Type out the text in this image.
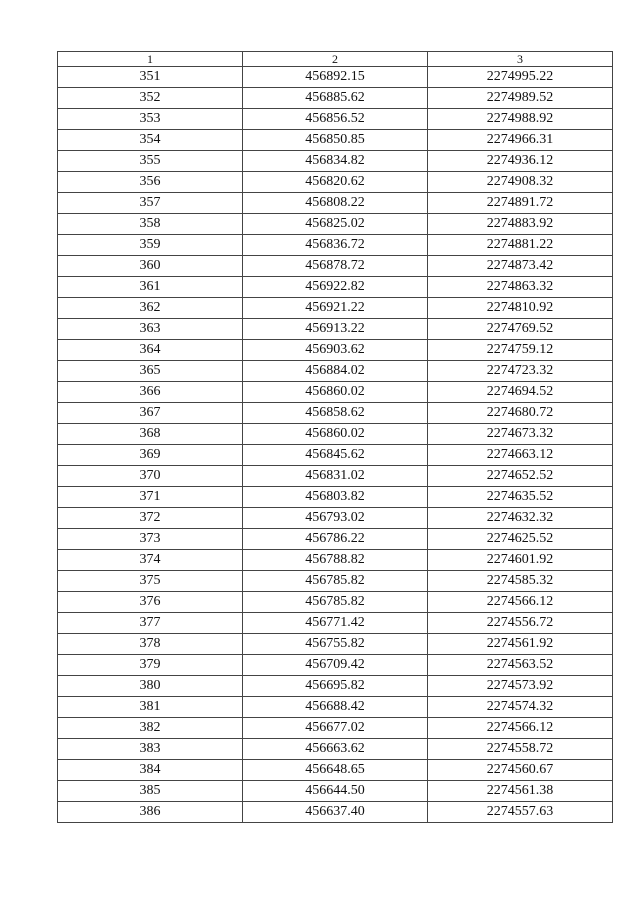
1	2	3
351	456892.15	2274995.22
352	456885.62	2274989.52
353	456856.52	2274988.92
354	456850.85	2274966.31
355	456834.82	2274936.12
356	456820.62	2274908.32
357	456808.22	2274891.72
358	456825.02	2274883.92
359	456836.72	2274881.22
360	456878.72	2274873.42
361	456922.82	2274863.32
362	456921.22	2274810.92
363	456913.22	2274769.52
364	456903.62	2274759.12
365	456884.02	2274723.32
366	456860.02	2274694.52
367	456858.62	2274680.72
368	456860.02	2274673.32
369	456845.62	2274663.12
370	456831.02	2274652.52
371	456803.82	2274635.52
372	456793.02	2274632.32
373	456786.22	2274625.52
374	456788.82	2274601.92
375	456785.82	2274585.32
376	456785.82	2274566.12
377	456771.42	2274556.72
378	456755.82	2274561.92
379	456709.42	2274563.52
380	456695.82	2274573.92
381	456688.42	2274574.32
382	456677.02	2274566.12
383	456663.62	2274558.72
384	456648.65	2274560.67
385	456644.50	2274561.38
386	456637.40	2274557.63
